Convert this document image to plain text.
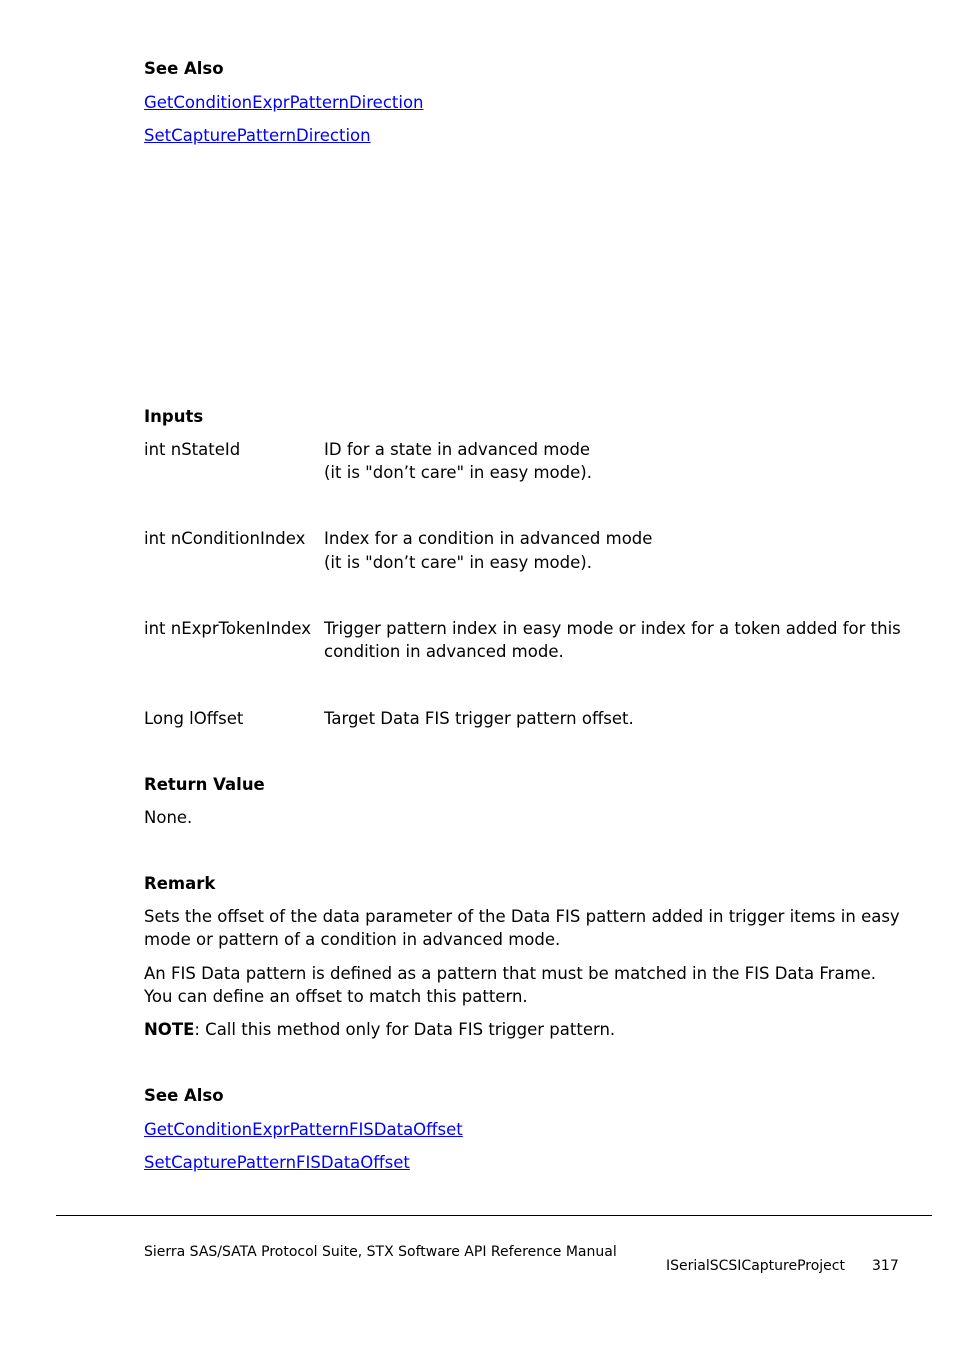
See Also
GetConditionExprPatternDirection
SetCapturePatternDirection
Inputs
int nStateId	ID for a state in advanced mode
(it is "don’t care" in easy mode).
int nConditionIndex Index for a condition in advanced mode
(it is "don’t care" in easy mode).
int nExprTokenIndex Trigger pattern index in easy mode or index for a token added for this
condition in advanced mode.
Long lOffset	Target Data FIS trigger pattern offset.
Return Value
None.
Remark
Sets the offset of the data parameter of the Data FIS pattern added in trigger items in easy mode or pattern of a condition in advanced mode.
An FIS Data pattern is defined as a pattern that must be matched in the FIS Data Frame. You can define an offset to match this pattern.
NOTE: Call this method only for Data FIS trigger pattern.
See Also
GetConditionExprPatternFISDataOffset
SetCapturePatternFISDataOffset
Sierra SAS/SATA Protocol Suite, STX Software API Reference Manual
ISerialSCSICaptureProject 317
